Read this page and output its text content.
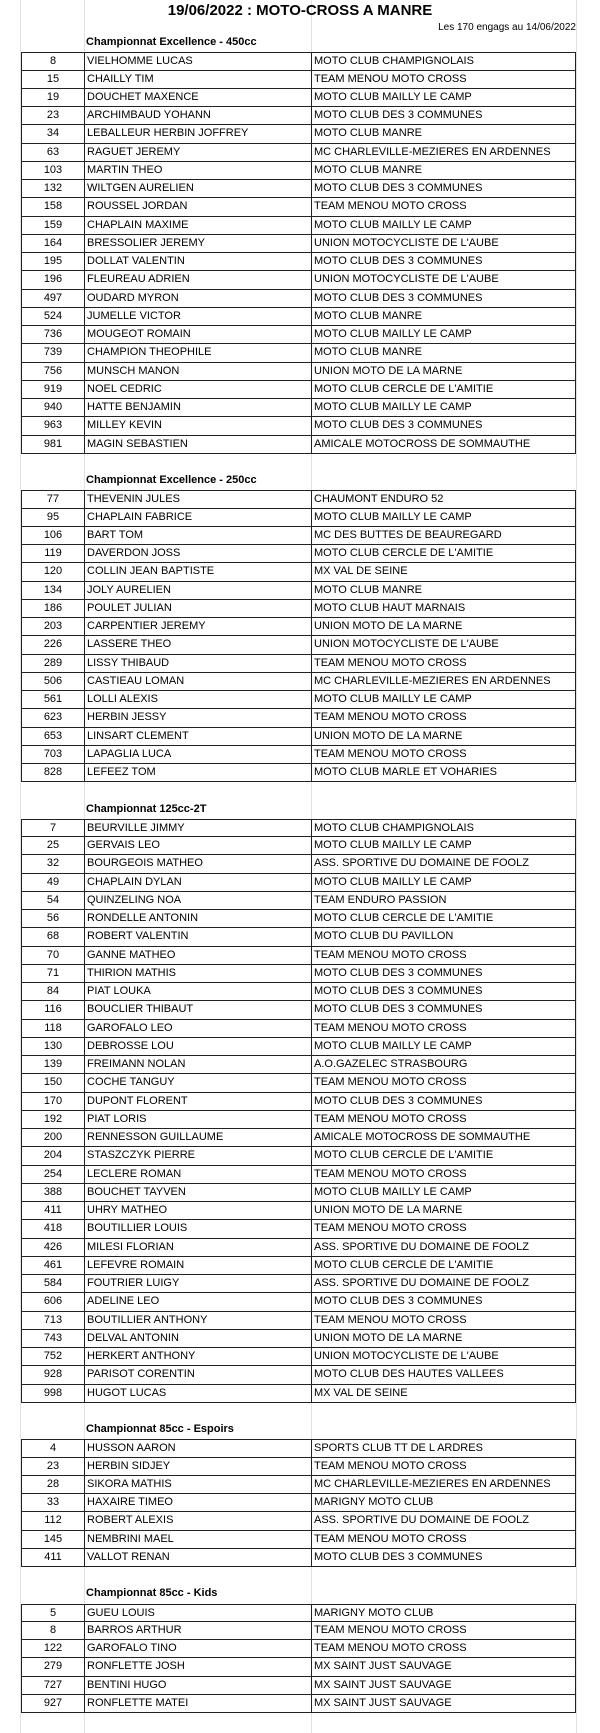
19/06/2022 : MOTO-CROSS A MANRE
Les 170 engags au 14/06/2022
Championnat Excellence - 450cc
8	VIELHOMME LUCAS	MOTO CLUB CHAMPIGNOLAIS
15	CHAILLY TIM	TEAM MENOU MOTO CROSS
19	DOUCHET MAXENCE	MOTO CLUB MAILLY LE CAMP
23	ARCHIMBAUD YOHANN	MOTO CLUB DES 3 COMMUNES
34	LEBALLEUR HERBIN JOFFREY	MOTO CLUB MANRE
63	RAGUET JEREMY	MC CHARLEVILLE-MEZIERES EN ARDENNES
103	MARTIN THEO	MOTO CLUB MANRE
132	WILTGEN AURELIEN	MOTO CLUB DES 3 COMMUNES
158	ROUSSEL JORDAN	TEAM MENOU MOTO CROSS
159	CHAPLAIN MAXIME	MOTO CLUB MAILLY LE CAMP
164	BRESSOLIER JEREMY	UNION MOTOCYCLISTE DE L'AUBE
195	DOLLAT VALENTIN	MOTO CLUB DES 3 COMMUNES
196	FLEUREAU ADRIEN	UNION MOTOCYCLISTE DE L'AUBE
497	OUDARD MYRON	MOTO CLUB DES 3 COMMUNES
524	JUMELLE VICTOR	MOTO CLUB MANRE
736	MOUGEOT ROMAIN	MOTO CLUB MAILLY LE CAMP
739	CHAMPION THEOPHILE	MOTO CLUB MANRE
756	MUNSCH MANON	UNION MOTO DE LA MARNE
919	NOEL CEDRIC	MOTO CLUB CERCLE DE L'AMITIE
940	HATTE BENJAMIN	MOTO CLUB MAILLY LE CAMP
963	MILLEY KEVIN	MOTO CLUB DES 3 COMMUNES
981	MAGIN SEBASTIEN	AMICALE MOTOCROSS DE SOMMAUTHE
Championnat Excellence - 250cc
77	THEVENIN JULES	CHAUMONT ENDURO 52
95	CHAPLAIN FABRICE	MOTO CLUB MAILLY LE CAMP
106	BART TOM	MC DES BUTTES DE BEAUREGARD
119	DAVERDON JOSS	MOTO CLUB CERCLE DE L'AMITIE
120	COLLIN JEAN BAPTISTE	MX VAL DE SEINE
134	JOLY AURELIEN	MOTO CLUB MANRE
186	POULET JULIAN	MOTO CLUB HAUT MARNAIS
203	CARPENTIER JEREMY	UNION MOTO DE LA MARNE
226	LASSERE THEO	UNION MOTOCYCLISTE DE L'AUBE
289	LISSY THIBAUD	TEAM MENOU MOTO CROSS
506	CASTIEAU LOMAN	MC CHARLEVILLE-MEZIERES EN ARDENNES
561	LOLLI ALEXIS	MOTO CLUB MAILLY LE CAMP
623	HERBIN JESSY	TEAM MENOU MOTO CROSS
653	LINSART CLEMENT	UNION MOTO DE LA MARNE
703	LAPAGLIA LUCA	TEAM MENOU MOTO CROSS
828	LEFEEZ TOM	MOTO CLUB MARLE ET VOHARIES
Championnat 125cc-2T
7	BEURVILLE JIMMY	MOTO CLUB CHAMPIGNOLAIS
25	GERVAIS LEO	MOTO CLUB MAILLY LE CAMP
32	BOURGEOIS MATHEO	ASS. SPORTIVE DU DOMAINE DE FOOLZ
49	CHAPLAIN DYLAN	MOTO CLUB MAILLY LE CAMP
54	QUINZELING NOA	TEAM ENDURO PASSION
56	RONDELLE ANTONIN	MOTO CLUB CERCLE DE L'AMITIE
68	ROBERT VALENTIN	MOTO CLUB DU PAVILLON
70	GANNE MATHEO	TEAM MENOU MOTO CROSS
71	THIRION MATHIS	MOTO CLUB DES 3 COMMUNES
84	PIAT LOUKA	MOTO CLUB DES 3 COMMUNES
116	BOUCLIER THIBAUT	MOTO CLUB DES 3 COMMUNES
118	GAROFALO LEO	TEAM MENOU MOTO CROSS
130	DEBROSSE LOU	MOTO CLUB MAILLY LE CAMP
139	FREIMANN NOLAN	A.O.GAZELEC STRASBOURG
150	COCHE TANGUY	TEAM MENOU MOTO CROSS
170	DUPONT FLORENT	MOTO CLUB DES 3 COMMUNES
192	PIAT LORIS	TEAM MENOU MOTO CROSS
200	RENNESSON GUILLAUME	AMICALE MOTOCROSS DE SOMMAUTHE
204	STASZCZYK PIERRE	MOTO CLUB CERCLE DE L'AMITIE
254	LECLERE ROMAN	TEAM MENOU MOTO CROSS
388	BOUCHET TAYVEN	MOTO CLUB MAILLY LE CAMP
411	UHRY MATHEO	UNION MOTO DE LA MARNE
418	BOUTILLIER LOUIS	TEAM MENOU MOTO CROSS
426	MILESI FLORIAN	ASS. SPORTIVE DU DOMAINE DE FOOLZ
461	LEFEVRE ROMAIN	MOTO CLUB CERCLE DE L'AMITIE
584	FOUTRIER LUIGY	ASS. SPORTIVE DU DOMAINE DE FOOLZ
606	ADELINE LEO	MOTO CLUB DES 3 COMMUNES
713	BOUTILLIER ANTHONY	TEAM MENOU MOTO CROSS
743	DELVAL ANTONIN	UNION MOTO DE LA MARNE
752	HERKERT ANTHONY	UNION MOTOCYCLISTE DE L'AUBE
928	PARISOT CORENTIN	MOTO CLUB DES HAUTES VALLEES
998	HUGOT LUCAS	MX VAL DE SEINE
Championnat 85cc - Espoirs
4	HUSSON AARON	SPORTS CLUB TT DE L ARDRES
23	HERBIN SIDJEY	TEAM MENOU MOTO CROSS
28	SIKORA MATHIS	MC CHARLEVILLE-MEZIERES EN ARDENNES
33	HAXAIRE TIMEO	MARIGNY MOTO CLUB
112	ROBERT ALEXIS	ASS. SPORTIVE DU DOMAINE DE FOOLZ
145	NEMBRINI MAEL	TEAM MENOU MOTO CROSS
411	VALLOT RENAN	MOTO CLUB DES 3 COMMUNES
Championnat 85cc - Kids
5	GUEU LOUIS	MARIGNY MOTO CLUB
8	BARROS ARTHUR	TEAM MENOU MOTO CROSS
122	GAROFALO TINO	TEAM MENOU MOTO CROSS
279	RONFLETTE JOSH	MX SAINT JUST SAUVAGE
727	BENTINI HUGO	MX SAINT JUST SAUVAGE
927	RONFLETTE MATEI	MX SAINT JUST SAUVAGE
